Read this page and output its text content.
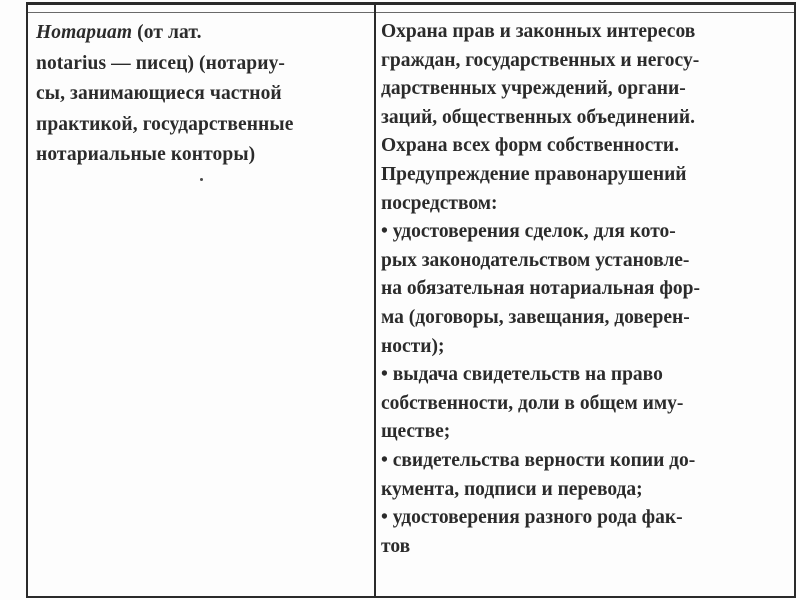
Нотариат (от лат.
notarius — писец) (нотариу-
сы, занимающиеся частной
практикой, государственные
нотариальные конторы)
Охрана прав и законных интересов
граждан, государственных и негосу-
дарственных учреждений, органи-
заций, общественных объединений.
Охрана всех форм собственности.
Предупреждение правонарушений
посредством:
• удостоверения сделок, для кото-
рых законодательством установле-
на обязательная нотариальная фор-
ма (договоры, завещания, доверен-
ности);
• выдача свидетельств на право
собственности, доли в общем иму-
ществе;
• свидетельства верности копии до-
кумента, подписи и перевода;
• удостоверения разного рода фак-
тов
